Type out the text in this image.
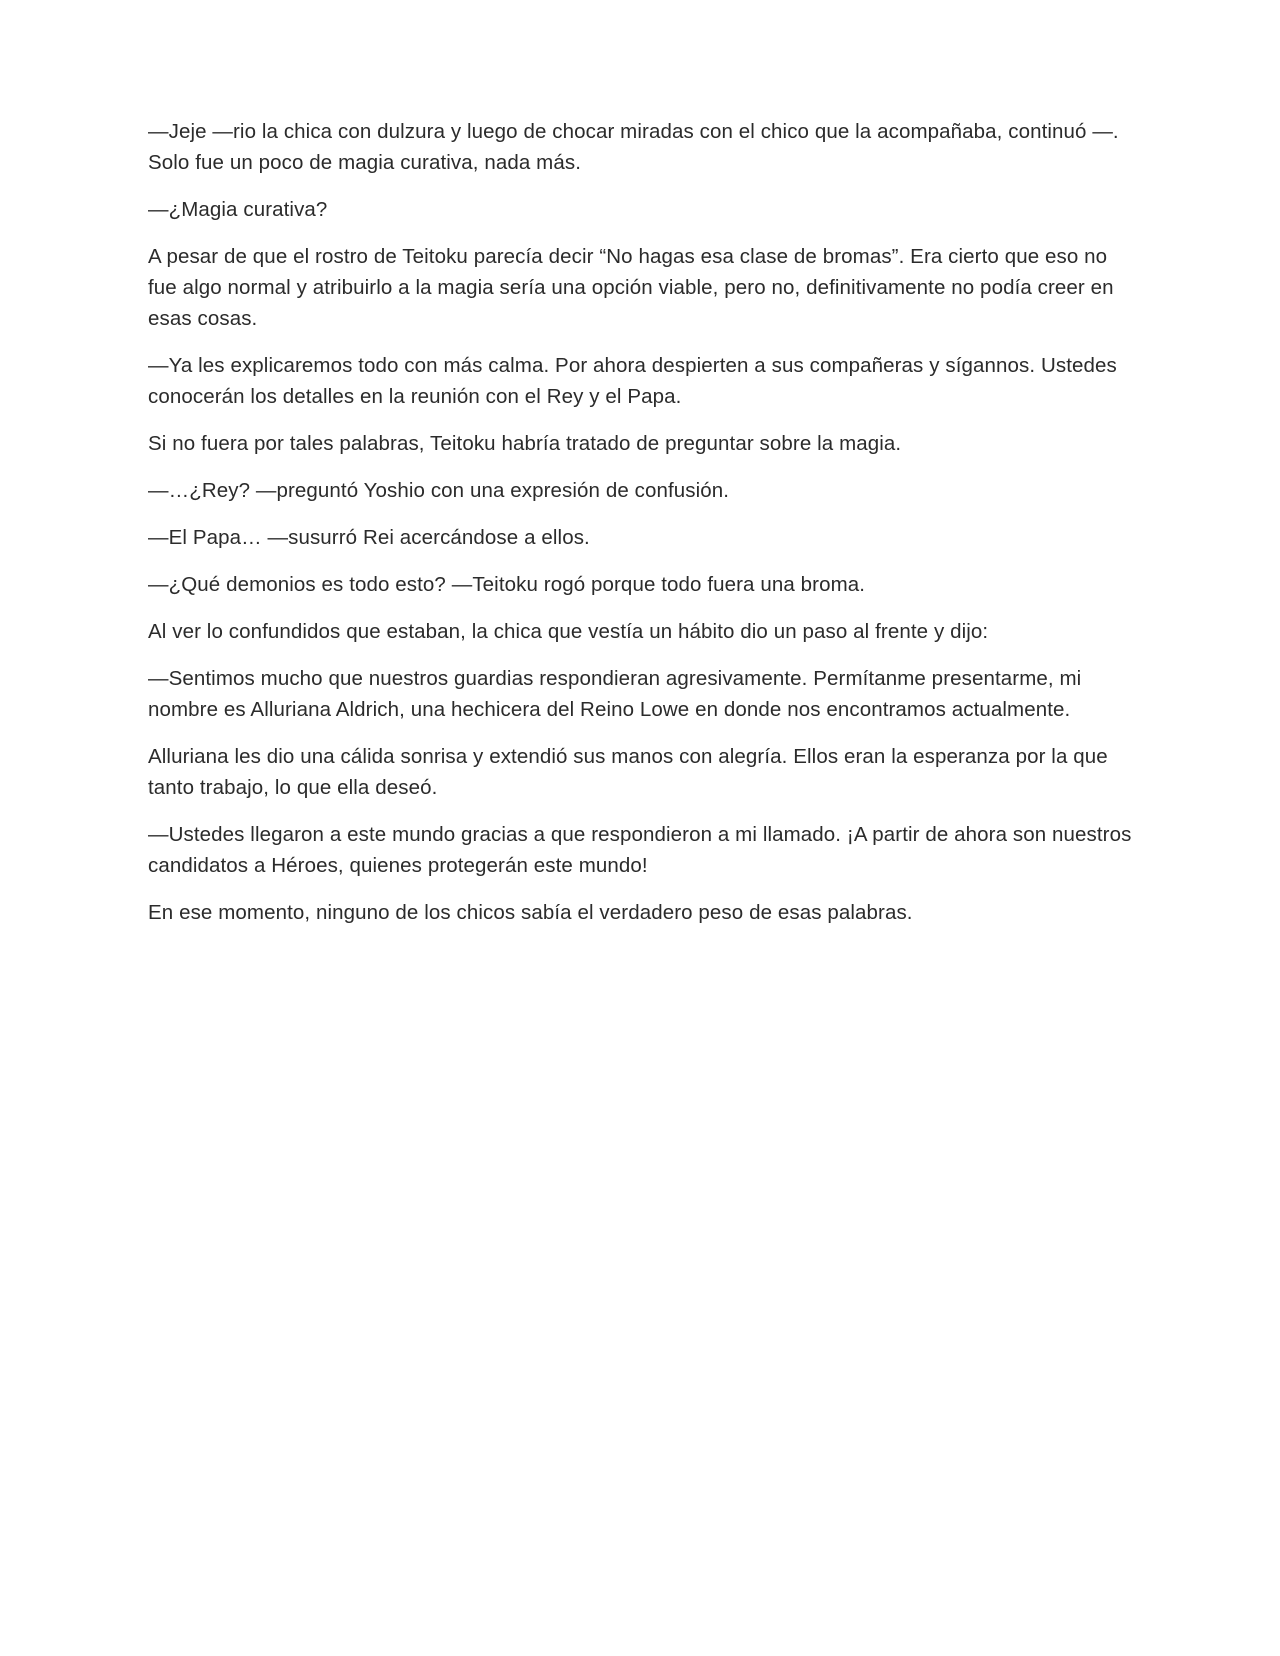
—Jeje —rio la chica con dulzura y luego de chocar miradas con el chico que la acompañaba, continuó —. Solo fue un poco de magia curativa, nada más.

—¿Magia curativa?

A pesar de que el rostro de Teitoku parecía decir “No hagas esa clase de bromas”. Era cierto que eso no fue algo normal y atribuirlo a la magia sería una opción viable, pero no, definitivamente no podía creer en esas cosas.

—Ya les explicaremos todo con más calma. Por ahora despierten a sus compañeras y sígannos. Ustedes conocerán los detalles en la reunión con el Rey y el Papa.

Si no fuera por tales palabras, Teitoku habría tratado de preguntar sobre la magia.

—…¿Rey? —preguntó Yoshio con una expresión de confusión.

—El Papa… —susurró Rei acercándose a ellos.

—¿Qué demonios es todo esto? —Teitoku rogó porque todo fuera una broma.

Al ver lo confundidos que estaban, la chica que vestía un hábito dio un paso al frente y dijo:

—Sentimos mucho que nuestros guardias respondieran agresivamente. Permítanme presentarme, mi nombre es Alluriana Aldrich, una hechicera del Reino Lowe en donde nos encontramos actualmente.

Alluriana les dio una cálida sonrisa y extendió sus manos con alegría. Ellos eran la esperanza por la que tanto trabajo, lo que ella deseó.

—Ustedes llegaron a este mundo gracias a que respondieron a mi llamado. ¡A partir de ahora son nuestros candidatos a Héroes, quienes protegerán este mundo!

En ese momento, ninguno de los chicos sabía el verdadero peso de esas palabras.
